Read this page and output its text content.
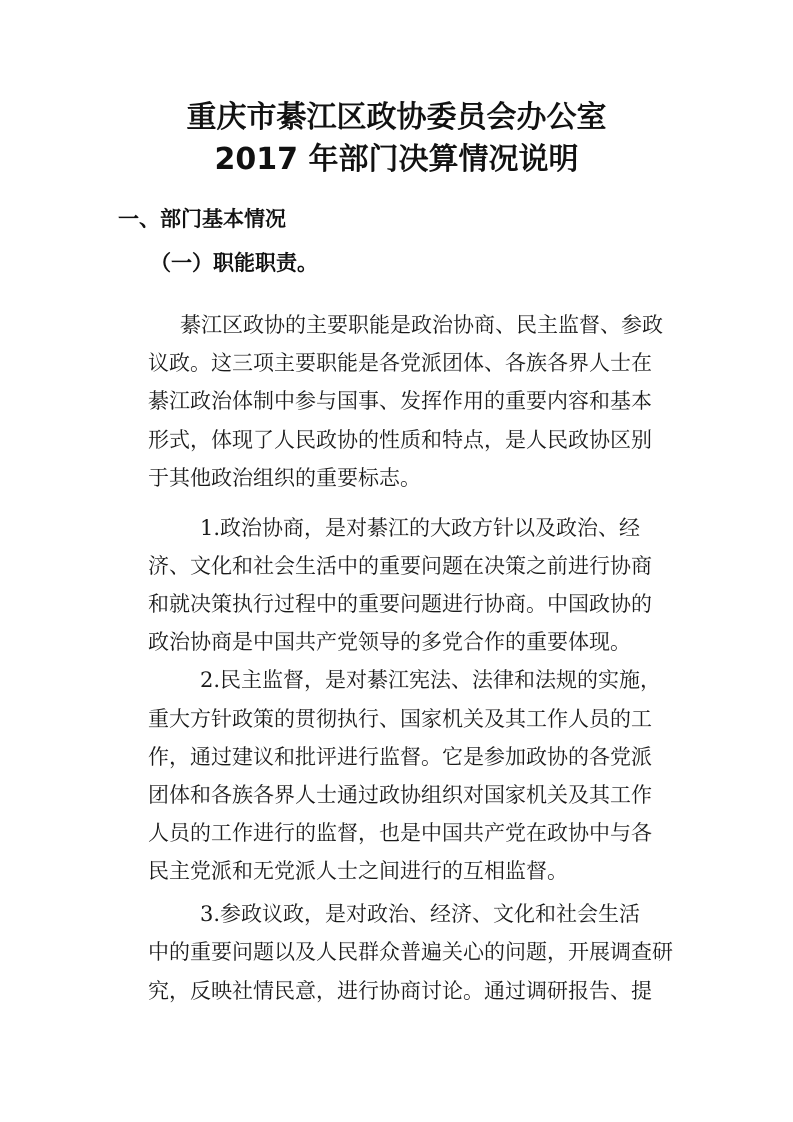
重庆市綦江区政协委员会办公室
2017 年部门决算情况说明
一、部门基本情况
（一）职能职责。
綦江区政协的主要职能是政治协商、民主监督、参政
议政。这三项主要职能是各党派团体、各族各界人士在
綦江政治体制中参与国事、发挥作用的重要内容和基本
形式，体现了人民政协的性质和特点，是人民政协区别
于其他政治组织的重要标志。
1.政治协商，是对綦江的大政方针以及政治、经
济、文化和社会生活中的重要问题在决策之前进行协商
和就决策执行过程中的重要问题进行协商。中国政协的
政治协商是中国共产党领导的多党合作的重要体现。
2.民主监督，是对綦江宪法、法律和法规的实施，
重大方针政策的贯彻执行、国家机关及其工作人员的工
作，通过建议和批评进行监督。它是参加政协的各党派
团体和各族各界人士通过政协组织对国家机关及其工作
人员的工作进行的监督，也是中国共产党在政协中与各
民主党派和无党派人士之间进行的互相监督。
3.参政议政，是对政治、经济、文化和社会生活
中的重要问题以及人民群众普遍关心的问题，开展调查研
究，反映社情民意，进行协商讨论。通过调研报告、提
